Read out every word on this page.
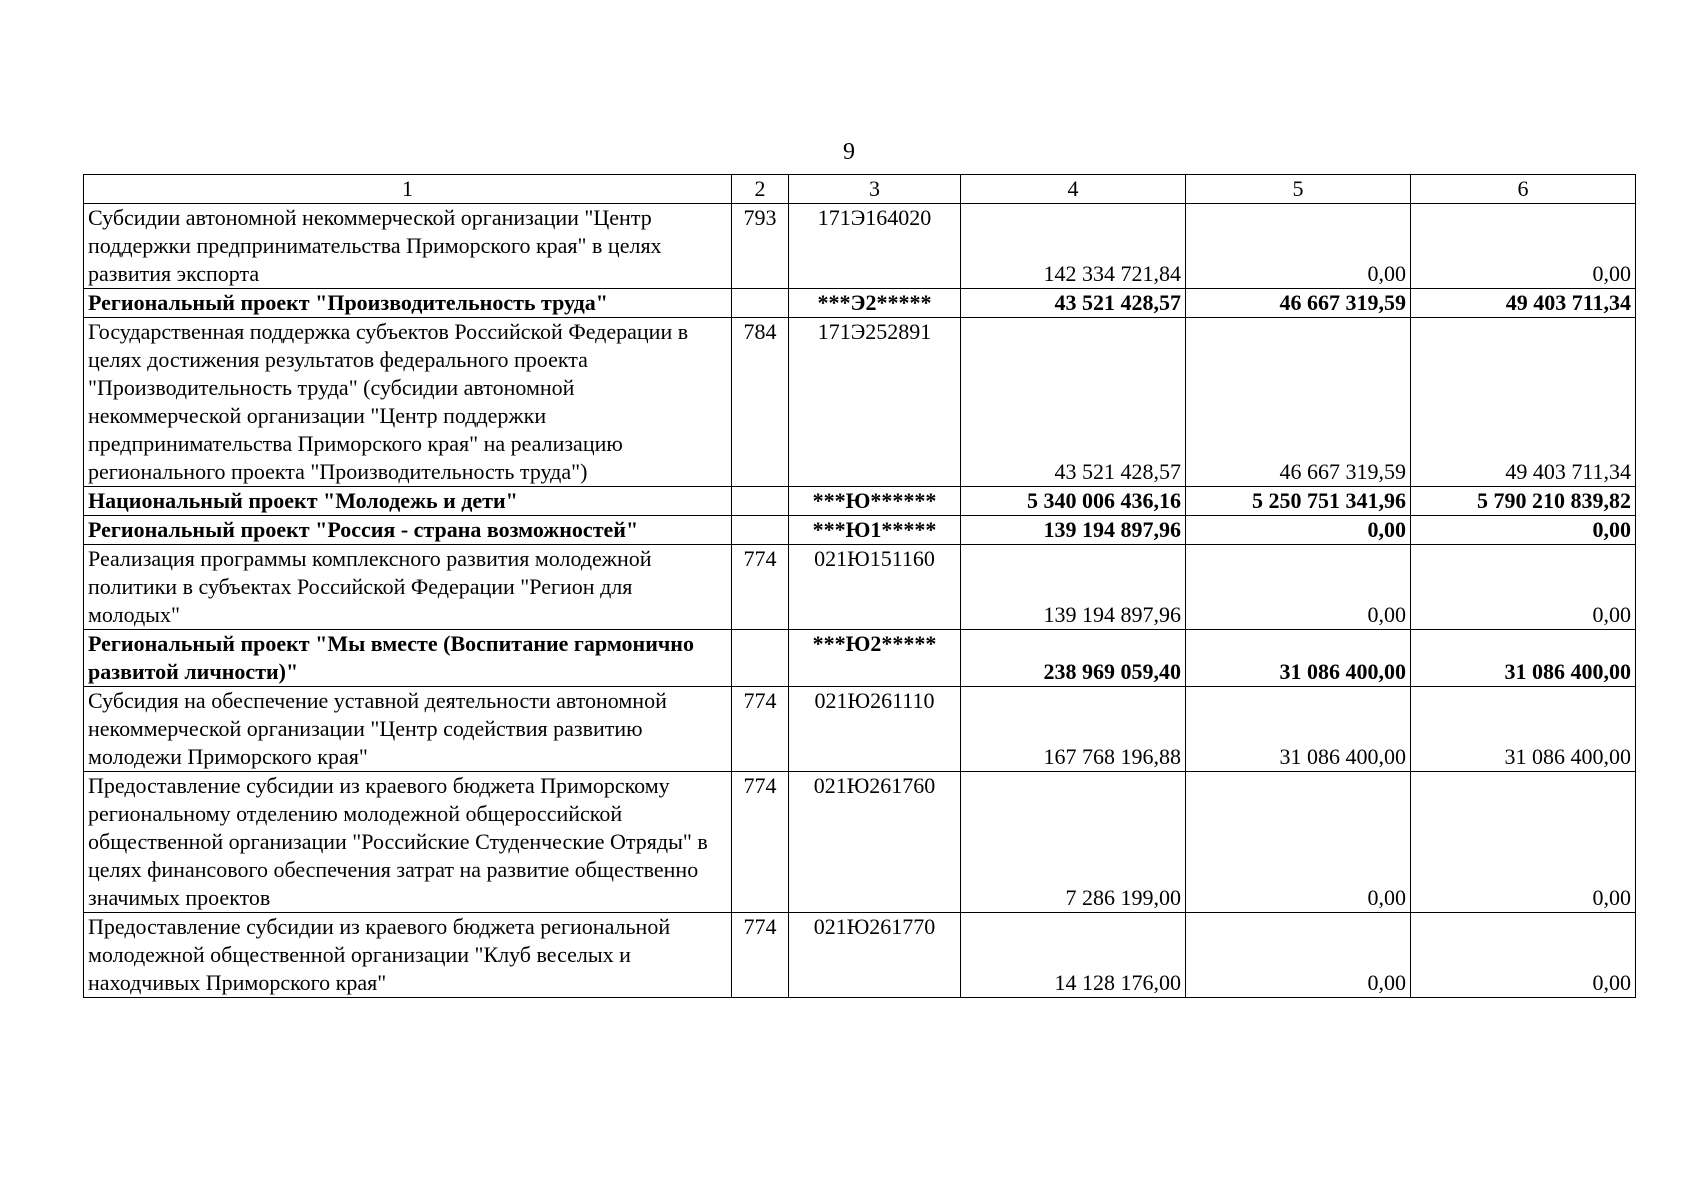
9
1	2	3	4	5	6
Субсидии автономной некоммерческой организации "Центр поддержки предпринимательства Приморского края" в целях развития экспорта	793	171Э164020	142 334 721,84	0,00	0,00
Региональный проект "Производительность труда"		***Э2*****	43 521 428,57	46 667 319,59	49 403 711,34
Государственная поддержка субъектов Российской Федерации в целях достижения результатов федерального проекта "Производительность труда" (субсидии автономной некоммерческой организации "Центр поддержки предпринимательства Приморского края" на реализацию регионального проекта "Производительность труда")	784	171Э252891	43 521 428,57	46 667 319,59	49 403 711,34
Национальный проект "Молодежь и дети"		***Ю******	5 340 006 436,16	5 250 751 341,96	5 790 210 839,82
Региональный проект "Россия - страна возможностей"		***Ю1*****	139 194 897,96	0,00	0,00
Реализация программы комплексного развития молодежной политики в субъектах Российской Федерации "Регион для молодых"	774	021Ю151160	139 194 897,96	0,00	0,00
Региональный проект "Мы вместе (Воспитание гармонично развитой личности)"		***Ю2*****	238 969 059,40	31 086 400,00	31 086 400,00
Субсидия на обеспечение уставной деятельности автономной некоммерческой организации "Центр содействия развитию молодежи Приморского края"	774	021Ю261110	167 768 196,88	31 086 400,00	31 086 400,00
Предоставление субсидии из краевого бюджета Приморскому региональному отделению молодежной общероссийской общественной организации "Российские Студенческие Отряды" в целях финансового обеспечения затрат на развитие общественно значимых проектов	774	021Ю261760	7 286 199,00	0,00	0,00
Предоставление субсидии из краевого бюджета региональной молодежной общественной организации "Клуб веселых и находчивых Приморского края"	774	021Ю261770	14 128 176,00	0,00	0,00
